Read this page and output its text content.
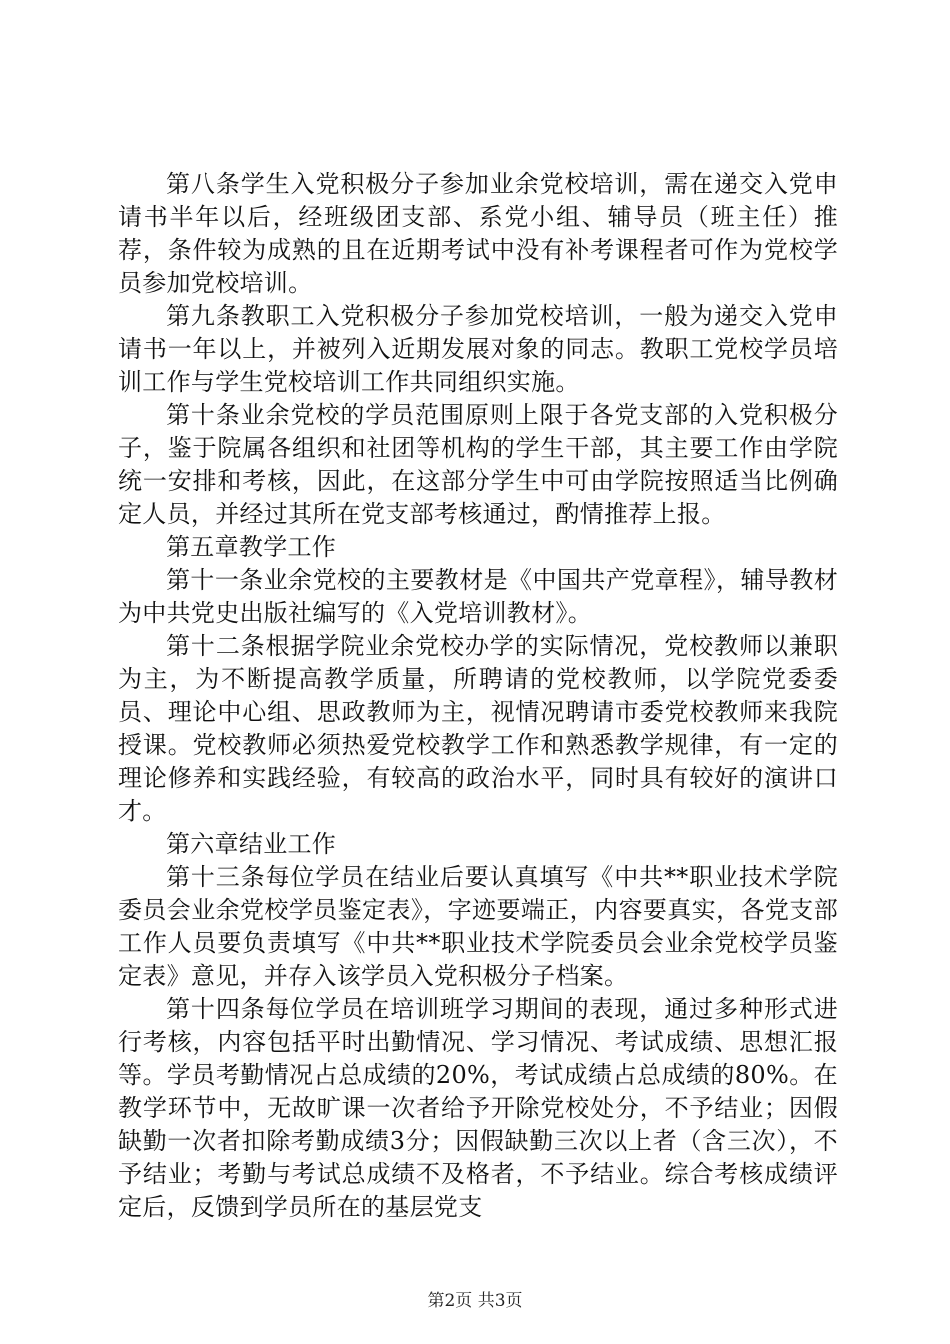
第八条学生入党积极分子参加业余党校培训，需在递交入党申请书半年以后，经班级团支部、系党小组、辅导员（班主任）推荐，条件较为成熟的且在近期考试中没有补考课程者可作为党校学员参加党校培训。

第九条教职工入党积极分子参加党校培训，一般为递交入党申请书一年以上，并被列入近期发展对象的同志。教职工党校学员培训工作与学生党校培训工作共同组织实施。

第十条业余党校的学员范围原则上限于各党支部的入党积极分子，鉴于院属各组织和社团等机构的学生干部，其主要工作由学院统一安排和考核，因此，在这部分学生中可由学院按照适当比例确定人员，并经过其所在党支部考核通过，酌情推荐上报。

第五章教学工作

第十一条业余党校的主要教材是《中国共产党章程》，辅导教材为中共党史出版社编写的《入党培训教材》。

第十二条根据学院业余党校办学的实际情况，党校教师以兼职为主，为不断提高教学质量，所聘请的党校教师，以学院党委委员、理论中心组、思政教师为主，视情况聘请市委党校教师来我院授课。党校教师必须热爱党校教学工作和熟悉教学规律，有一定的理论修养和实践经验，有较高的政治水平，同时具有较好的演讲口才。

第六章结业工作

第十三条每位学员在结业后要认真填写《中共**职业技术学院委员会业余党校学员鉴定表》，字迹要端正，内容要真实，各党支部工作人员要负责填写《中共**职业技术学院委员会业余党校学员鉴定表》意见，并存入该学员入党积极分子档案。

第十四条每位学员在培训班学习期间的表现，通过多种形式进行考核，内容包括平时出勤情况、学习情况、考试成绩、思想汇报等。学员考勤情况占总成绩的20%，考试成绩占总成绩的80%。在教学环节中，无故旷课一次者给予开除党校处分，不予结业；因假缺勤一次者扣除考勤成绩3分；因假缺勤三次以上者（含三次），不予结业；考勤与考试总成绩不及格者，不予结业。综合考核成绩评定后，反馈到学员所在的基层党支

第2页 共3页
